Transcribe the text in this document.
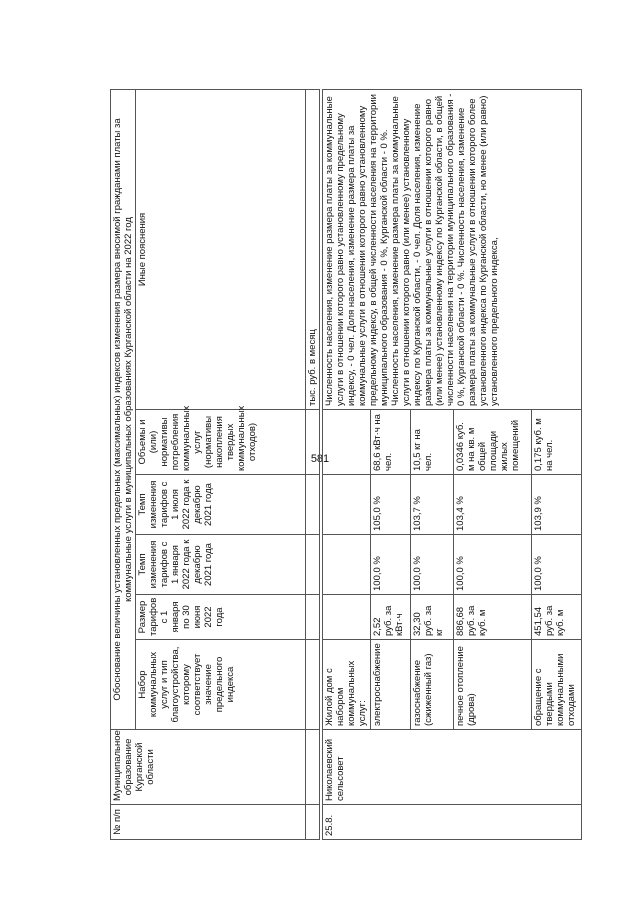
581
№ п/п	Муниципальное образование Курганской области	Обоснование величины установленных предельных (максимальных) индексов изменения размера вносимой гражданами платы за коммунальные услуги в муниципальных образованиях Курганской области на 2022 год					
		Набор коммунальных услуг и тип благоустройства, которому соответствует значение предельного индекса	Размер тарифов с 1 января по 30 июня 2022 года	Темп изменения тарифов с 1 января 2022 года к декабрю 2021 года	Темп изменения тарифов с 1 июля 2022 года к декабрю 2021 года	Объемы и (или) нормативы потребления коммунальных услуг (нормативы накопления твердых коммунальных отходов)	Иные пояснения
							тыс. руб. в месяц
25.8.	Николаевский сельсовет	Жилой дом с набором коммунальных услуг:					Численность населения, изменение размера платы за коммунальные услуги в отношении которого равно установленному предельному индексу, - 0 чел. Доля населения, изменение размера платы за коммунальные услуги в отношении которого равно установленному предельному индексу, в общей численности населения на территории муниципального образования - 0 %, Курганской области - 0 %. Численность населения, изменение размера платы за коммунальные услуги в отношении которого равно (или менее) установленному индексу по Курганской области, - 0 чел. Доля населения, изменение размера платы за коммунальные услуги в отношении которого равно (или менее) установленному индексу по Курганской области, в общей численности населения на территории муниципального образования - 0 %, Курганской области - 0 %. Численность населения, изменение размера платы за коммунальные услуги в отношении которого более установленного индекса по Курганской области, но менее (или равно) установленного предельного индекса,
		электроснабжение	2,52 руб. за кВт·ч	100,0 %	105,0 %	68,6 кВт·ч на чел.	
		газоснабжение (сжиженный газ)	32,30 руб. за кг	100,0 %	103,7 %	10,5 кг на чел.	
		печное отопление (дрова)	886,68 руб. за куб. м	100,0 %	103,4 %	0,0346 куб. м на кв. м общей площади жилых помещений	
		обращение с твердыми коммунальными отходами	451,54 руб. за куб. м	100,0 %	103,9 %	0,175 куб. м на чел.	
